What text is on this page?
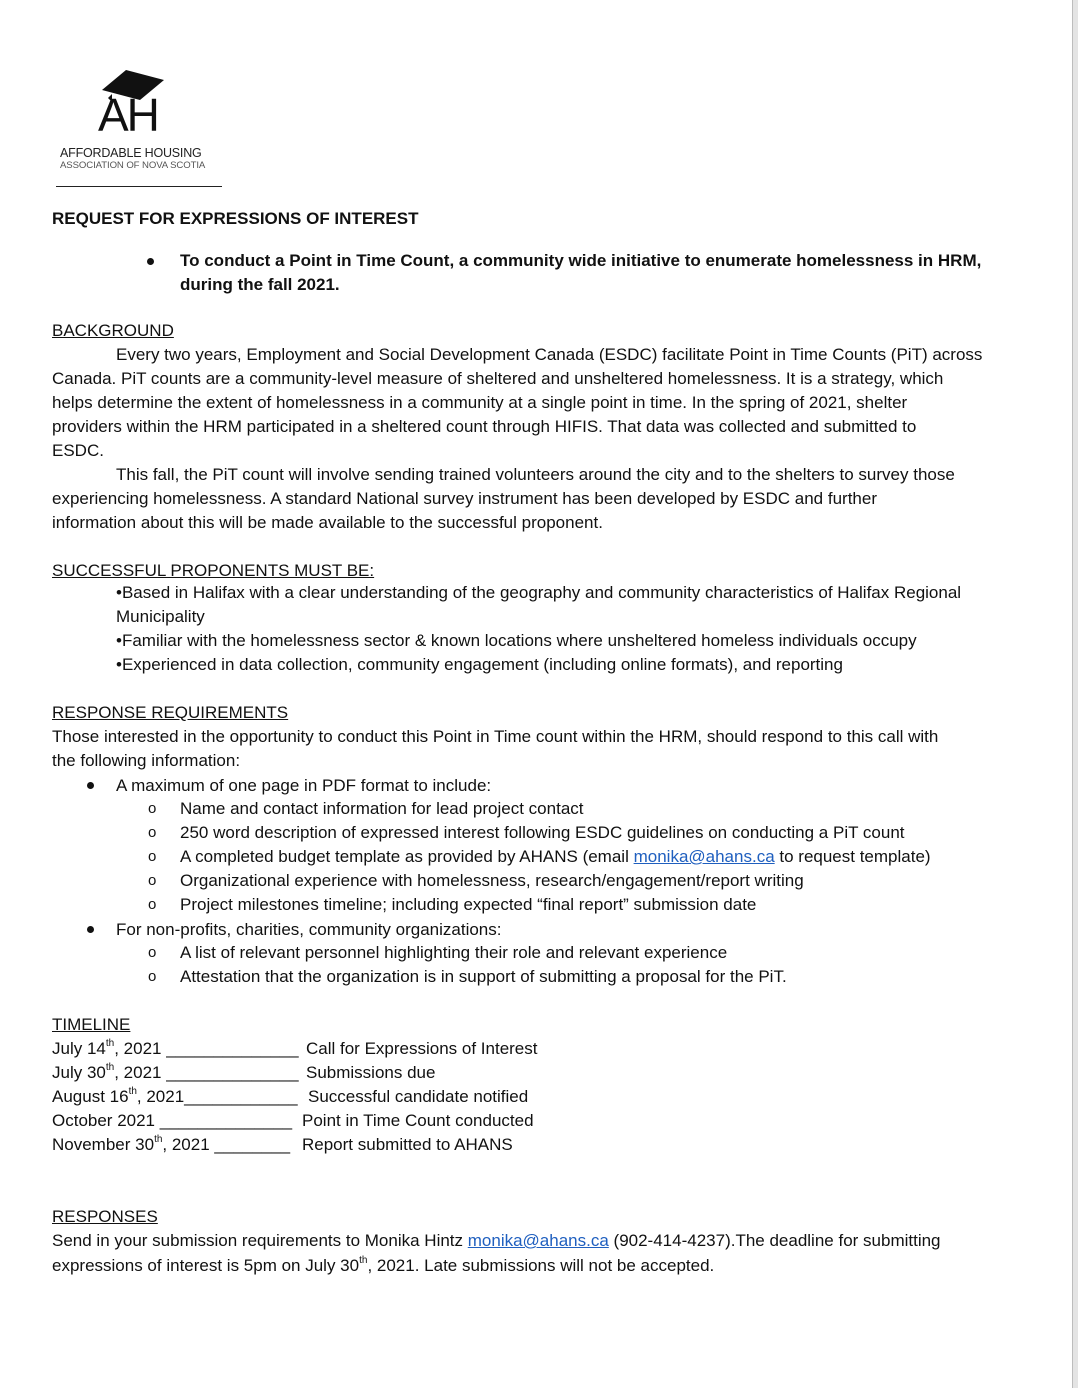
AH
AFFORDABLE HOUSING
ASSOCIATION OF NOVA SCOTIA
REQUEST FOR EXPRESSIONS OF INTEREST
To conduct a Point in Time Count, a community wide initiative to enumerate homelessness in HRM,
during the fall 2021.
BACKGROUND
Every two years, Employment and Social Development Canada (ESDC) facilitate Point in Time Counts (PiT) across
Canada. PiT counts are a community-level measure of sheltered and unsheltered homelessness. It is a strategy, which
helps determine the extent of homelessness in a community at a single point in time. In the spring of 2021, shelter
providers within the HRM participated in a sheltered count through HIFIS. That data was collected and submitted to
ESDC.
This fall, the PiT count will involve sending trained volunteers around the city and to the shelters to survey those
experiencing homelessness. A standard National survey instrument has been developed by ESDC and further
information about this will be made available to the successful proponent.
SUCCESSFUL PROPONENTS MUST BE:
•Based in Halifax with a clear understanding of the geography and community characteristics of Halifax Regional
Municipality
•Familiar with the homelessness sector & known locations where unsheltered homeless individuals occupy
•Experienced in data collection, community engagement (including online formats), and reporting
RESPONSE REQUIREMENTS
Those interested in the opportunity to conduct this Point in Time count within the HRM, should respond to this call with
the following information:
A maximum of one page in PDF format to include:
o Name and contact information for lead project contact
o 250 word description of expressed interest following ESDC guidelines on conducting a PiT count
o A completed budget template as provided by AHANS (email monika@ahans.ca to request template)
o Organizational experience with homelessness, research/engagement/report writing
o Project milestones timeline; including expected “final report” submission date
For non-profits, charities, community organizations:
o A list of relevant personnel highlighting their role and relevant experience
o Attestation that the organization is in support of submitting a proposal for the PiT.
TIMELINE
July 14th, 2021 ______________ Call for Expressions of Interest
July 30th, 2021 ______________ Submissions due
August 16th, 2021____________ Successful candidate notified
October 2021 ______________ Point in Time Count conducted
November 30th, 2021 ________ Report submitted to AHANS
RESPONSES
Send in your submission requirements to Monika Hintz monika@ahans.ca (902-414-4237).The deadline for submitting
expressions of interest is 5pm on July 30th, 2021. Late submissions will not be accepted.
